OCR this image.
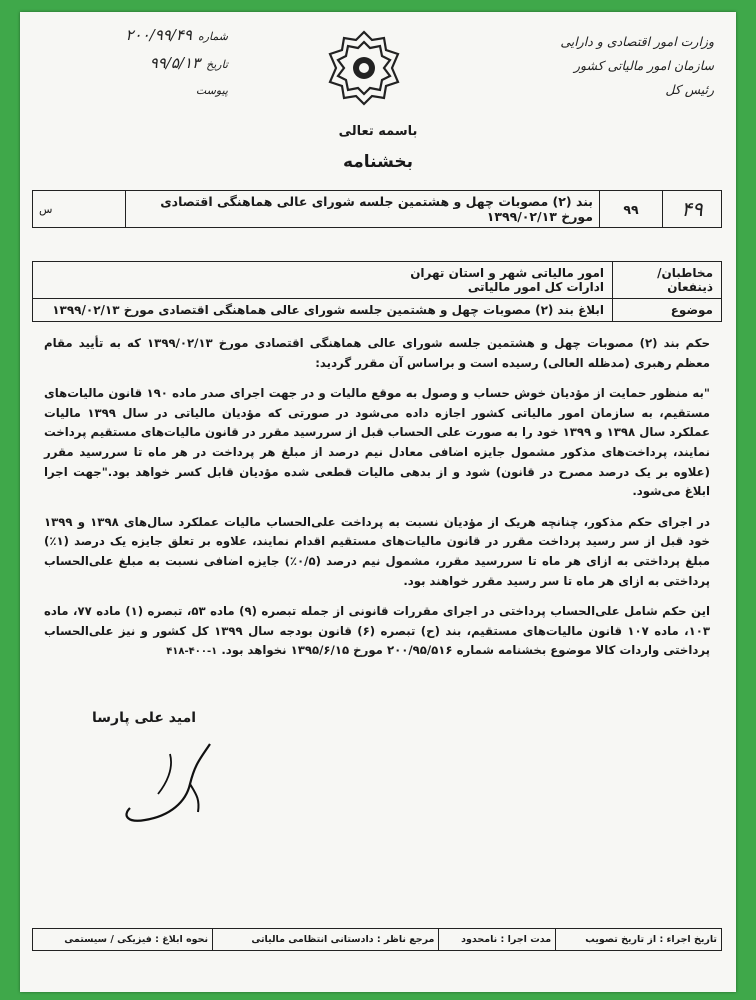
وزارت امور اقتصادی و دارایی
سازمان امور مالیاتی کشور
رئیس کل
شماره
۲۰۰/۹۹/۴۹
تاریخ
۹۹/۵/۱۳
پیوست
باسمه تعالی
بخشنامه
۴۹	۹۹	بند (۲) مصوبات چهل و هشتمین جلسه شورای عالی هماهنگی اقتصادی مورخ ۱۳۹۹/۰۲/۱۳	س
مخاطبان/ذینفعان	امور مالیاتی شهر و استان تهران
ادارات کل امور مالیاتی

موضوع	ابلاغ بند (۲) مصوبات چهل و هشتمین جلسه شورای عالی هماهنگی اقتصادی مورخ ۱۳۹۹/۰۲/۱۳

حکم بند (۲) مصوبات چهل و هشتمین جلسه شورای عالی هماهنگی اقتصادی مورخ ۱۳۹۹/۰۲/۱۳ که به تأیید مقام معظم رهبری (مدظله العالی) رسیده است و براساس آن مقرر گردید:

"به منظور حمایت از مؤدیان خوش حساب و وصول به موقع مالیات و در جهت اجرای صدر ماده ۱۹۰ قانون مالیات‌های مستقیم، به سازمان امور مالیاتی کشور اجازه داده می‌شود در صورتی که مؤدیان مالیاتی در سال ۱۳۹۹ مالیات عملکرد سال ۱۳۹۸ و ۱۳۹۹ خود را به صورت علی الحساب قبل از سررسید مقرر در قانون مالیات‌های مستقیم پرداخت نمایند، پرداخت‌های مذکور مشمول جایزه اضافی معادل نیم درصد از مبلغ هر پرداخت در هر ماه تا سررسید مقرر (علاوه بر یک درصد مصرح در قانون) شود و از بدهی مالیات قطعی شده مؤدیان قابل کسر خواهد بود."جهت اجرا ابلاغ می‌شود.

در اجرای حکم مذکور، چنانچه هریک از مؤدیان نسبت به پرداخت علی‌الحساب مالیات عملکرد سال‌های ۱۳۹۸ و ۱۳۹۹ خود قبل از سر رسید پرداخت مقرر در قانون مالیات‌های مستقیم اقدام نمایند، علاوه بر تعلق جایزه یک درصد (۱٪) مبلغ پرداختی به ازای هر ماه تا سررسید مقرر، مشمول نیم درصد (۰/۵٪) جایزه اضافی نسبت به مبلغ علی‌الحساب پرداختی به ازای هر ماه تا سر رسید مقرر خواهند بود.

این حکم شامل علی‌الحساب پرداختی در اجرای مقررات قانونی از جمله تبصره (۹) ماده ۵۳، تبصره (۱) ماده ۷۷، ماده ۱۰۳، ماده ۱۰۷ قانون مالیات‌های مستقیم، بند (ح) تبصره (۶) قانون بودجه سال ۱۳۹۹ کل کشور و نیز علی‌الحساب پرداختی واردات کالا موضوع بخشنامه شماره ۲۰۰/۹۵/۵۱۶ مورخ ۱۳۹۵/۶/۱۵ نخواهد بود. ۱-۴۰۰-۴۱۸

امید علی پارسا
تاریخ اجراء : از تاریخ تصویب	مدت اجرا : نامحدود	مرجع ناظر : دادستانی انتظامی مالیاتی	نحوه ابلاغ : فیزیکی / سیستمی
